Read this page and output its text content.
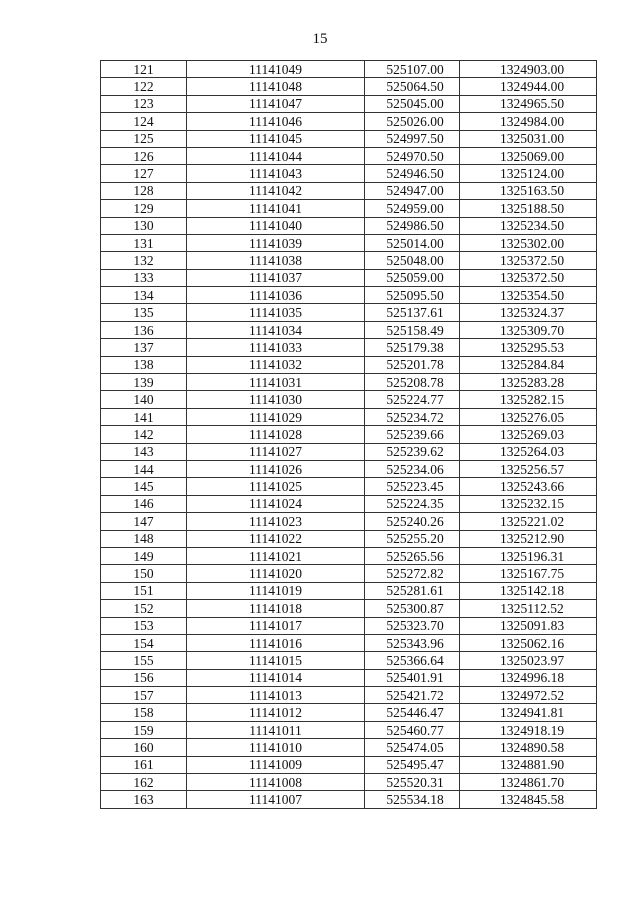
15
121	11141049	525107.00	1324903.00
122	11141048	525064.50	1324944.00
123	11141047	525045.00	1324965.50
124	11141046	525026.00	1324984.00
125	11141045	524997.50	1325031.00
126	11141044	524970.50	1325069.00
127	11141043	524946.50	1325124.00
128	11141042	524947.00	1325163.50
129	11141041	524959.00	1325188.50
130	11141040	524986.50	1325234.50
131	11141039	525014.00	1325302.00
132	11141038	525048.00	1325372.50
133	11141037	525059.00	1325372.50
134	11141036	525095.50	1325354.50
135	11141035	525137.61	1325324.37
136	11141034	525158.49	1325309.70
137	11141033	525179.38	1325295.53
138	11141032	525201.78	1325284.84
139	11141031	525208.78	1325283.28
140	11141030	525224.77	1325282.15
141	11141029	525234.72	1325276.05
142	11141028	525239.66	1325269.03
143	11141027	525239.62	1325264.03
144	11141026	525234.06	1325256.57
145	11141025	525223.45	1325243.66
146	11141024	525224.35	1325232.15
147	11141023	525240.26	1325221.02
148	11141022	525255.20	1325212.90
149	11141021	525265.56	1325196.31
150	11141020	525272.82	1325167.75
151	11141019	525281.61	1325142.18
152	11141018	525300.87	1325112.52
153	11141017	525323.70	1325091.83
154	11141016	525343.96	1325062.16
155	11141015	525366.64	1325023.97
156	11141014	525401.91	1324996.18
157	11141013	525421.72	1324972.52
158	11141012	525446.47	1324941.81
159	11141011	525460.77	1324918.19
160	11141010	525474.05	1324890.58
161	11141009	525495.47	1324881.90
162	11141008	525520.31	1324861.70
163	11141007	525534.18	1324845.58
